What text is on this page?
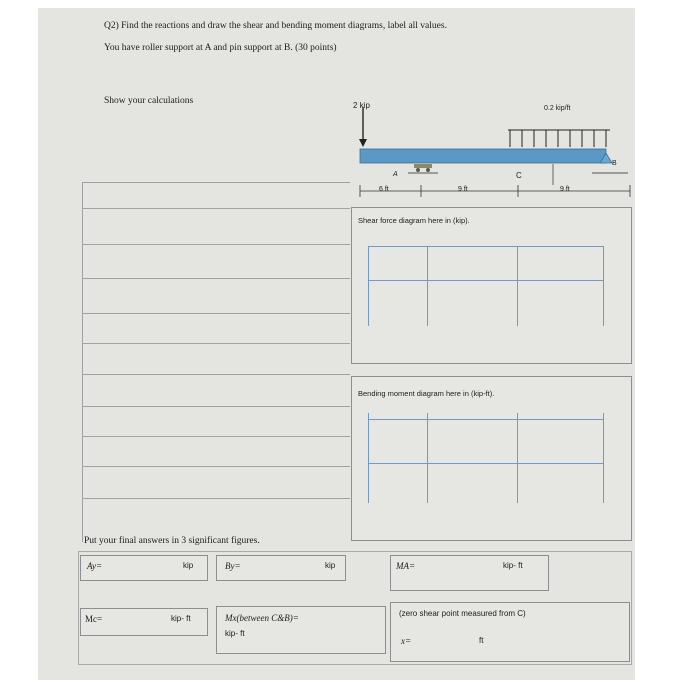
Q2) Find the reactions and draw the shear and bending moment diagrams, label all values.
You have roller support at A and pin support at B. (30 points)
Show your calculations	2 kip	0.2 kip/ft
A
B
C
6 ft	9 ft	9 ft
Shear force diagram here in (kip).
Bending moment diagram here in (kip-ft).
Put your final answers in 3 significant figures.
Ay=	kip	By=	kip	MA=	kip- ft
Mc=	kip- ft	Mx(between C&B)=
kip- ft
(zero shear point measured from C)
x=	ft
